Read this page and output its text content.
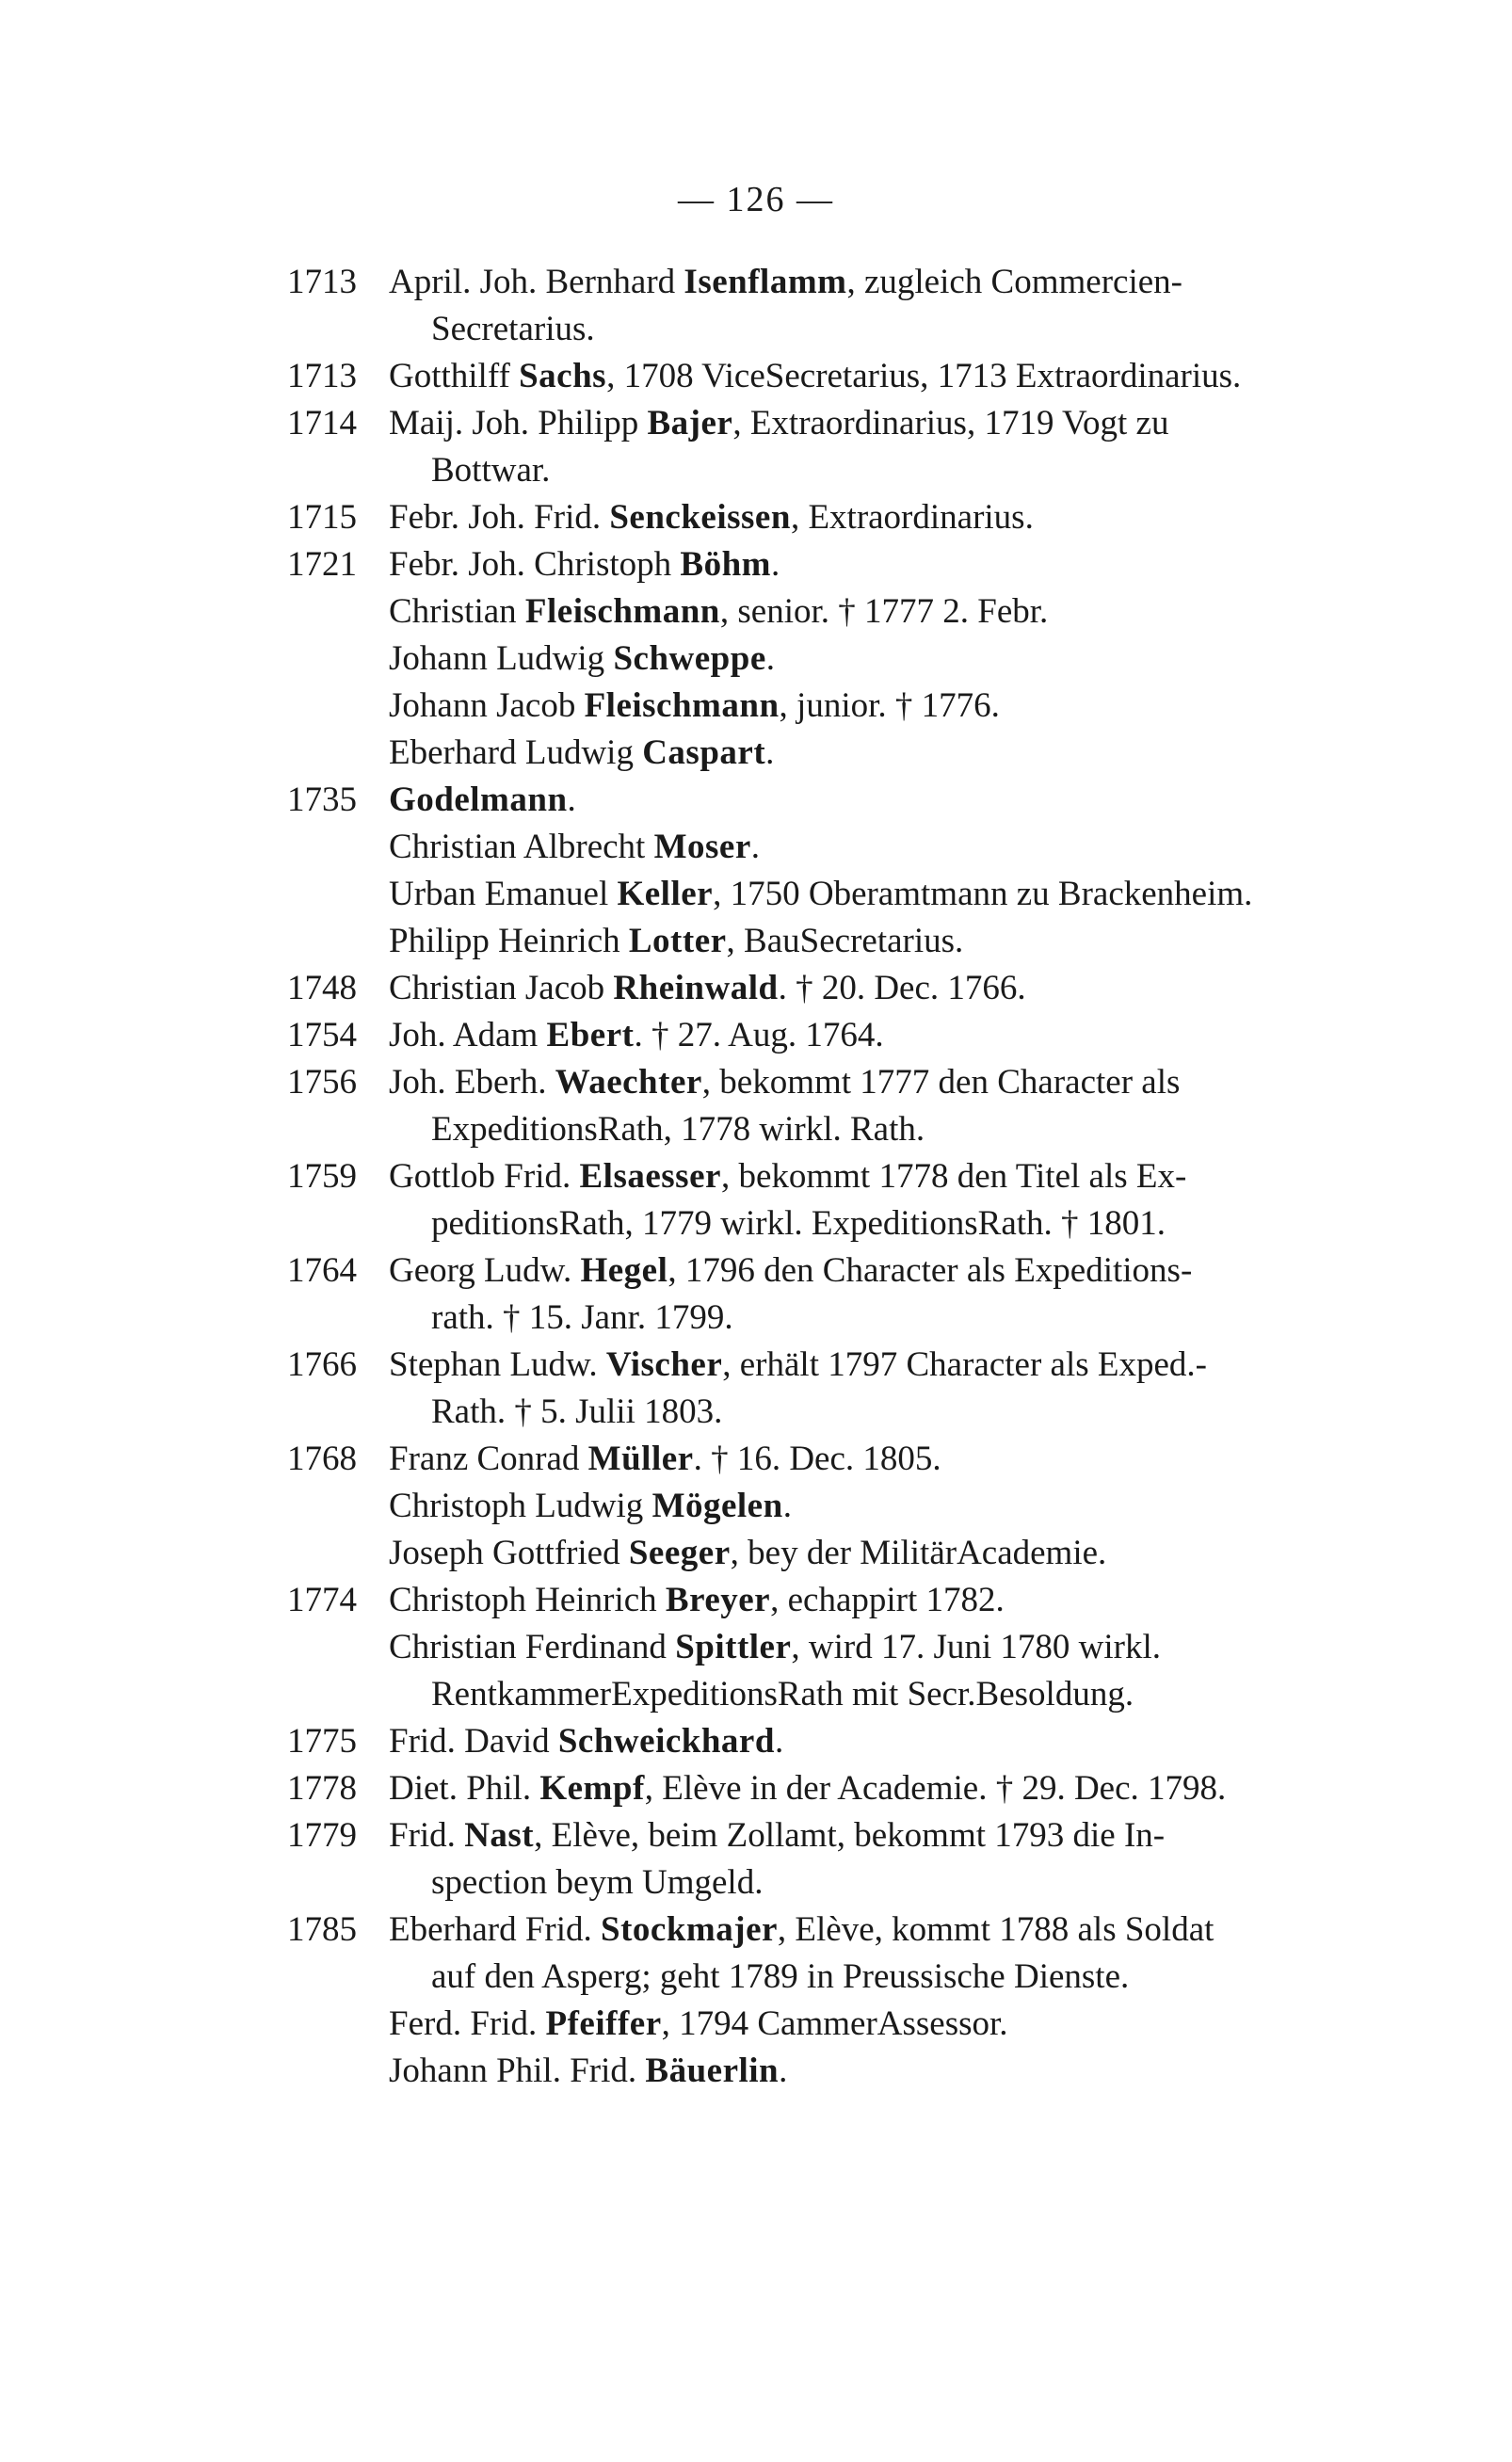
— 126 —
1713 April. Joh. Bernhard Isenflamm, zugleich Commercien-
Secretarius.
1713 Gotthilff Sachs, 1708 ViceSecretarius, 1713 Extraordinarius.
1714 Maij. Joh. Philipp Bajer, Extraordinarius, 1719 Vogt zu
Bottwar.
1715 Febr. Joh. Frid. Senckeissen, Extraordinarius.
1721 Febr. Joh. Christoph Böhm.
Christian Fleischmann, senior. † 1777 2. Febr.
Johann Ludwig Schweppe.
Johann Jacob Fleischmann, junior. † 1776.
Eberhard Ludwig Caspart.
1735 Godelmann.
Christian Albrecht Moser.
Urban Emanuel Keller, 1750 Oberamtmann zu Brackenheim.
Philipp Heinrich Lotter, BauSecretarius.
1748 Christian Jacob Rheinwald. † 20. Dec. 1766.
1754 Joh. Adam Ebert. † 27. Aug. 1764.
1756 Joh. Eberh. Waechter, bekommt 1777 den Character als
ExpeditionsRath, 1778 wirkl. Rath.
1759 Gottlob Frid. Elsaesser, bekommt 1778 den Titel als Ex-
peditionsRath, 1779 wirkl. ExpeditionsRath. † 1801.
1764 Georg Ludw. Hegel, 1796 den Character als Expeditions-
rath. † 15. Janr. 1799.
1766 Stephan Ludw. Vischer, erhält 1797 Character als Exped.-
Rath. † 5. Julii 1803.
1768 Franz Conrad Müller. † 16. Dec. 1805.
Christoph Ludwig Mögelen.
Joseph Gottfried Seeger, bey der MilitärAcademie.
1774 Christoph Heinrich Breyer, echappirt 1782.
Christian Ferdinand Spittler, wird 17. Juni 1780 wirkl.
RentkammerExpeditionsRath mit Secr.Besoldung.
1775 Frid. David Schweickhard.
1778 Diet. Phil. Kempf, Elève in der Academie. † 29. Dec. 1798.
1779 Frid. Nast, Elève, beim Zollamt, bekommt 1793 die In-
spection beym Umgeld.
1785 Eberhard Frid. Stockmajer, Elève, kommt 1788 als Soldat
auf den Asperg; geht 1789 in Preussische Dienste.
Ferd. Frid. Pfeiffer, 1794 CammerAssessor.
Johann Phil. Frid. Bäuerlin.
